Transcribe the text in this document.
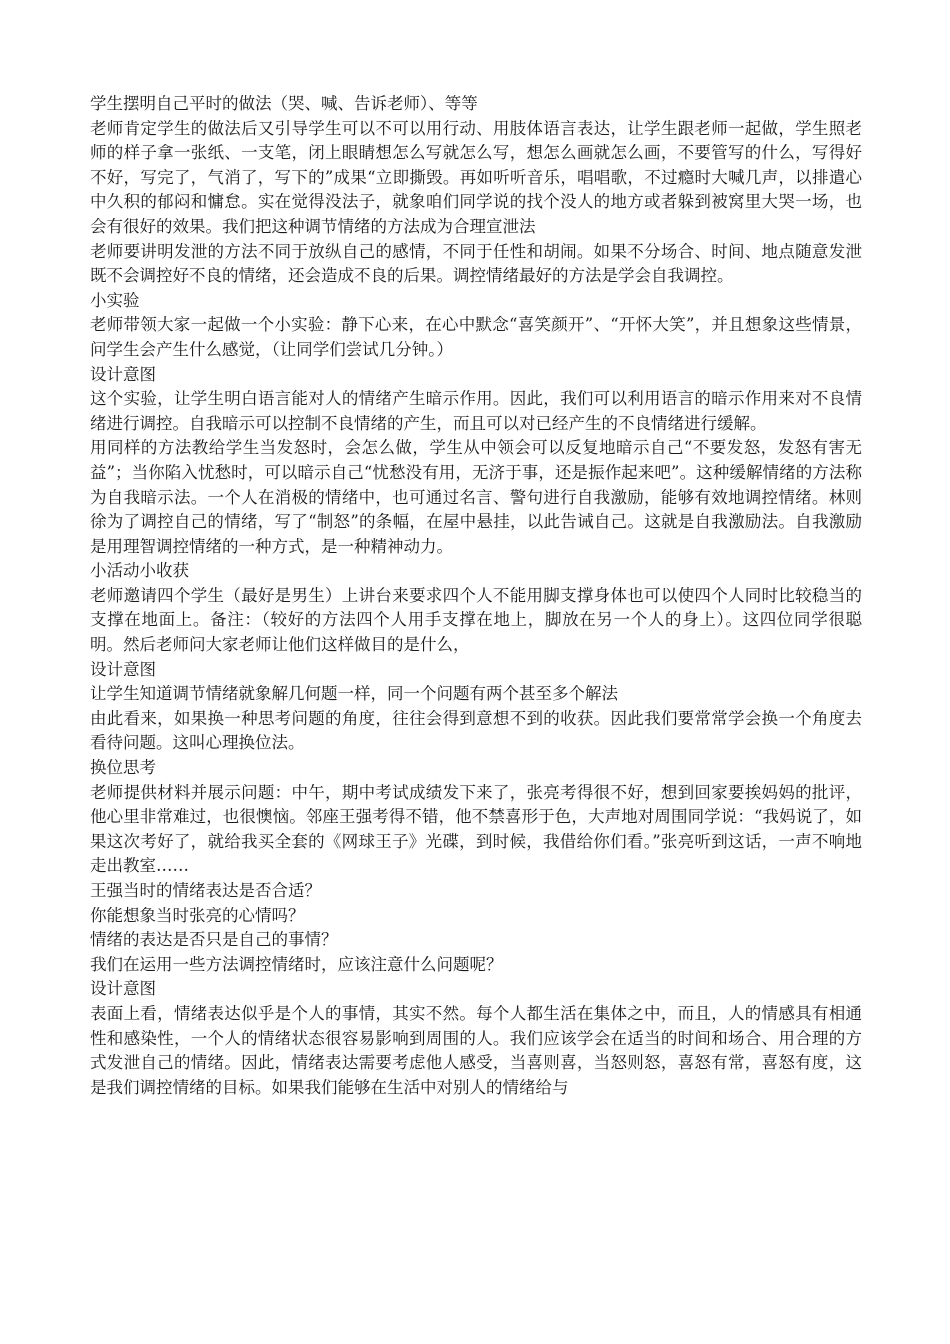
学生摆明自己平时的做法（哭、喊、告诉老师）、等等

老师肯定学生的做法后又引导学生可以不可以用行动、用肢体语言表达，让学生跟老师一起做，学生照老师的样子拿一张纸、一支笔，闭上眼睛想怎么写就怎么写，想怎么画就怎么画，不要管写的什么，写得好不好，写完了，气消了，写下的”成果“立即撕毁。再如听听音乐，唱唱歌，不过瘾时大喊几声，以排遣心中久积的郁闷和慵怠。实在觉得没法子，就象咱们同学说的找个没人的地方或者躲到被窝里大哭一场，也会有很好的效果。我们把这种调节情绪的方法成为合理宣泄法

老师要讲明发泄的方法不同于放纵自己的感情，不同于任性和胡闹。如果不分场合、时间、地点随意发泄既不会调控好不良的情绪，还会造成不良的后果。调控情绪最好的方法是学会自我调控。

小实验

老师带领大家一起做一个小实验：静下心来，在心中默念“喜笑颜开”、“开怀大笑”，并且想象这些情景，问学生会产生什么感觉，（让同学们尝试几分钟。）

设计意图

这个实验，让学生明白语言能对人的情绪产生暗示作用。因此，我们可以利用语言的暗示作用来对不良情绪进行调控。自我暗示可以控制不良情绪的产生，而且可以对已经产生的不良情绪进行缓解。

用同样的方法教给学生当发怒时，会怎么做，学生从中领会可以反复地暗示自己“不要发怒，发怒有害无益”；当你陷入忧愁时，可以暗示自己“忧愁没有用，无济于事，还是振作起来吧”。这种缓解情绪的方法称为自我暗示法。一个人在消极的情绪中，也可通过名言、警句进行自我激励，能够有效地调控情绪。林则徐为了调控自己的情绪，写了“制怒”的条幅，在屋中悬挂，以此告诫自己。这就是自我激励法。自我激励是用理智调控情绪的一种方式，是一种精神动力。

小活动小收获

老师邀请四个学生（最好是男生）上讲台来要求四个人不能用脚支撑身体也可以使四个人同时比较稳当的支撑在地面上。备注：（较好的方法四个人用手支撑在地上，脚放在另一个人的身上）。这四位同学很聪明。然后老师问大家老师让他们这样做目的是什么，

设计意图

让学生知道调节情绪就象解几何题一样，同一个问题有两个甚至多个解法

由此看来，如果换一种思考问题的角度，往往会得到意想不到的收获。因此我们要常常学会换一个角度去看待问题。这叫心理换位法。

换位思考

老师提供材料并展示问题：中午，期中考试成绩发下来了，张亮考得很不好，想到回家要挨妈妈的批评，他心里非常难过，也很懊恼。邻座王强考得不错，他不禁喜形于色，大声地对周围同学说：“我妈说了，如果这次考好了，就给我买全套的《网球王子》光碟，到时候，我借给你们看。”张亮听到这话，一声不响地走出教室……

王强当时的情绪表达是否合适？

你能想象当时张亮的心情吗？

情绪的表达是否只是自己的事情？

我们在运用一些方法调控情绪时，应该注意什么问题呢？

设计意图

表面上看，情绪表达似乎是个人的事情，其实不然。每个人都生活在集体之中，而且，人的情感具有相通性和感染性，一个人的情绪状态很容易影响到周围的人。我们应该学会在适当的时间和场合、用合理的方式发泄自己的情绪。因此，情绪表达需要考虑他人感受，当喜则喜，当怒则怒，喜怒有常，喜怒有度，这是我们调控情绪的目标。如果我们能够在生活中对别人的情绪给与
